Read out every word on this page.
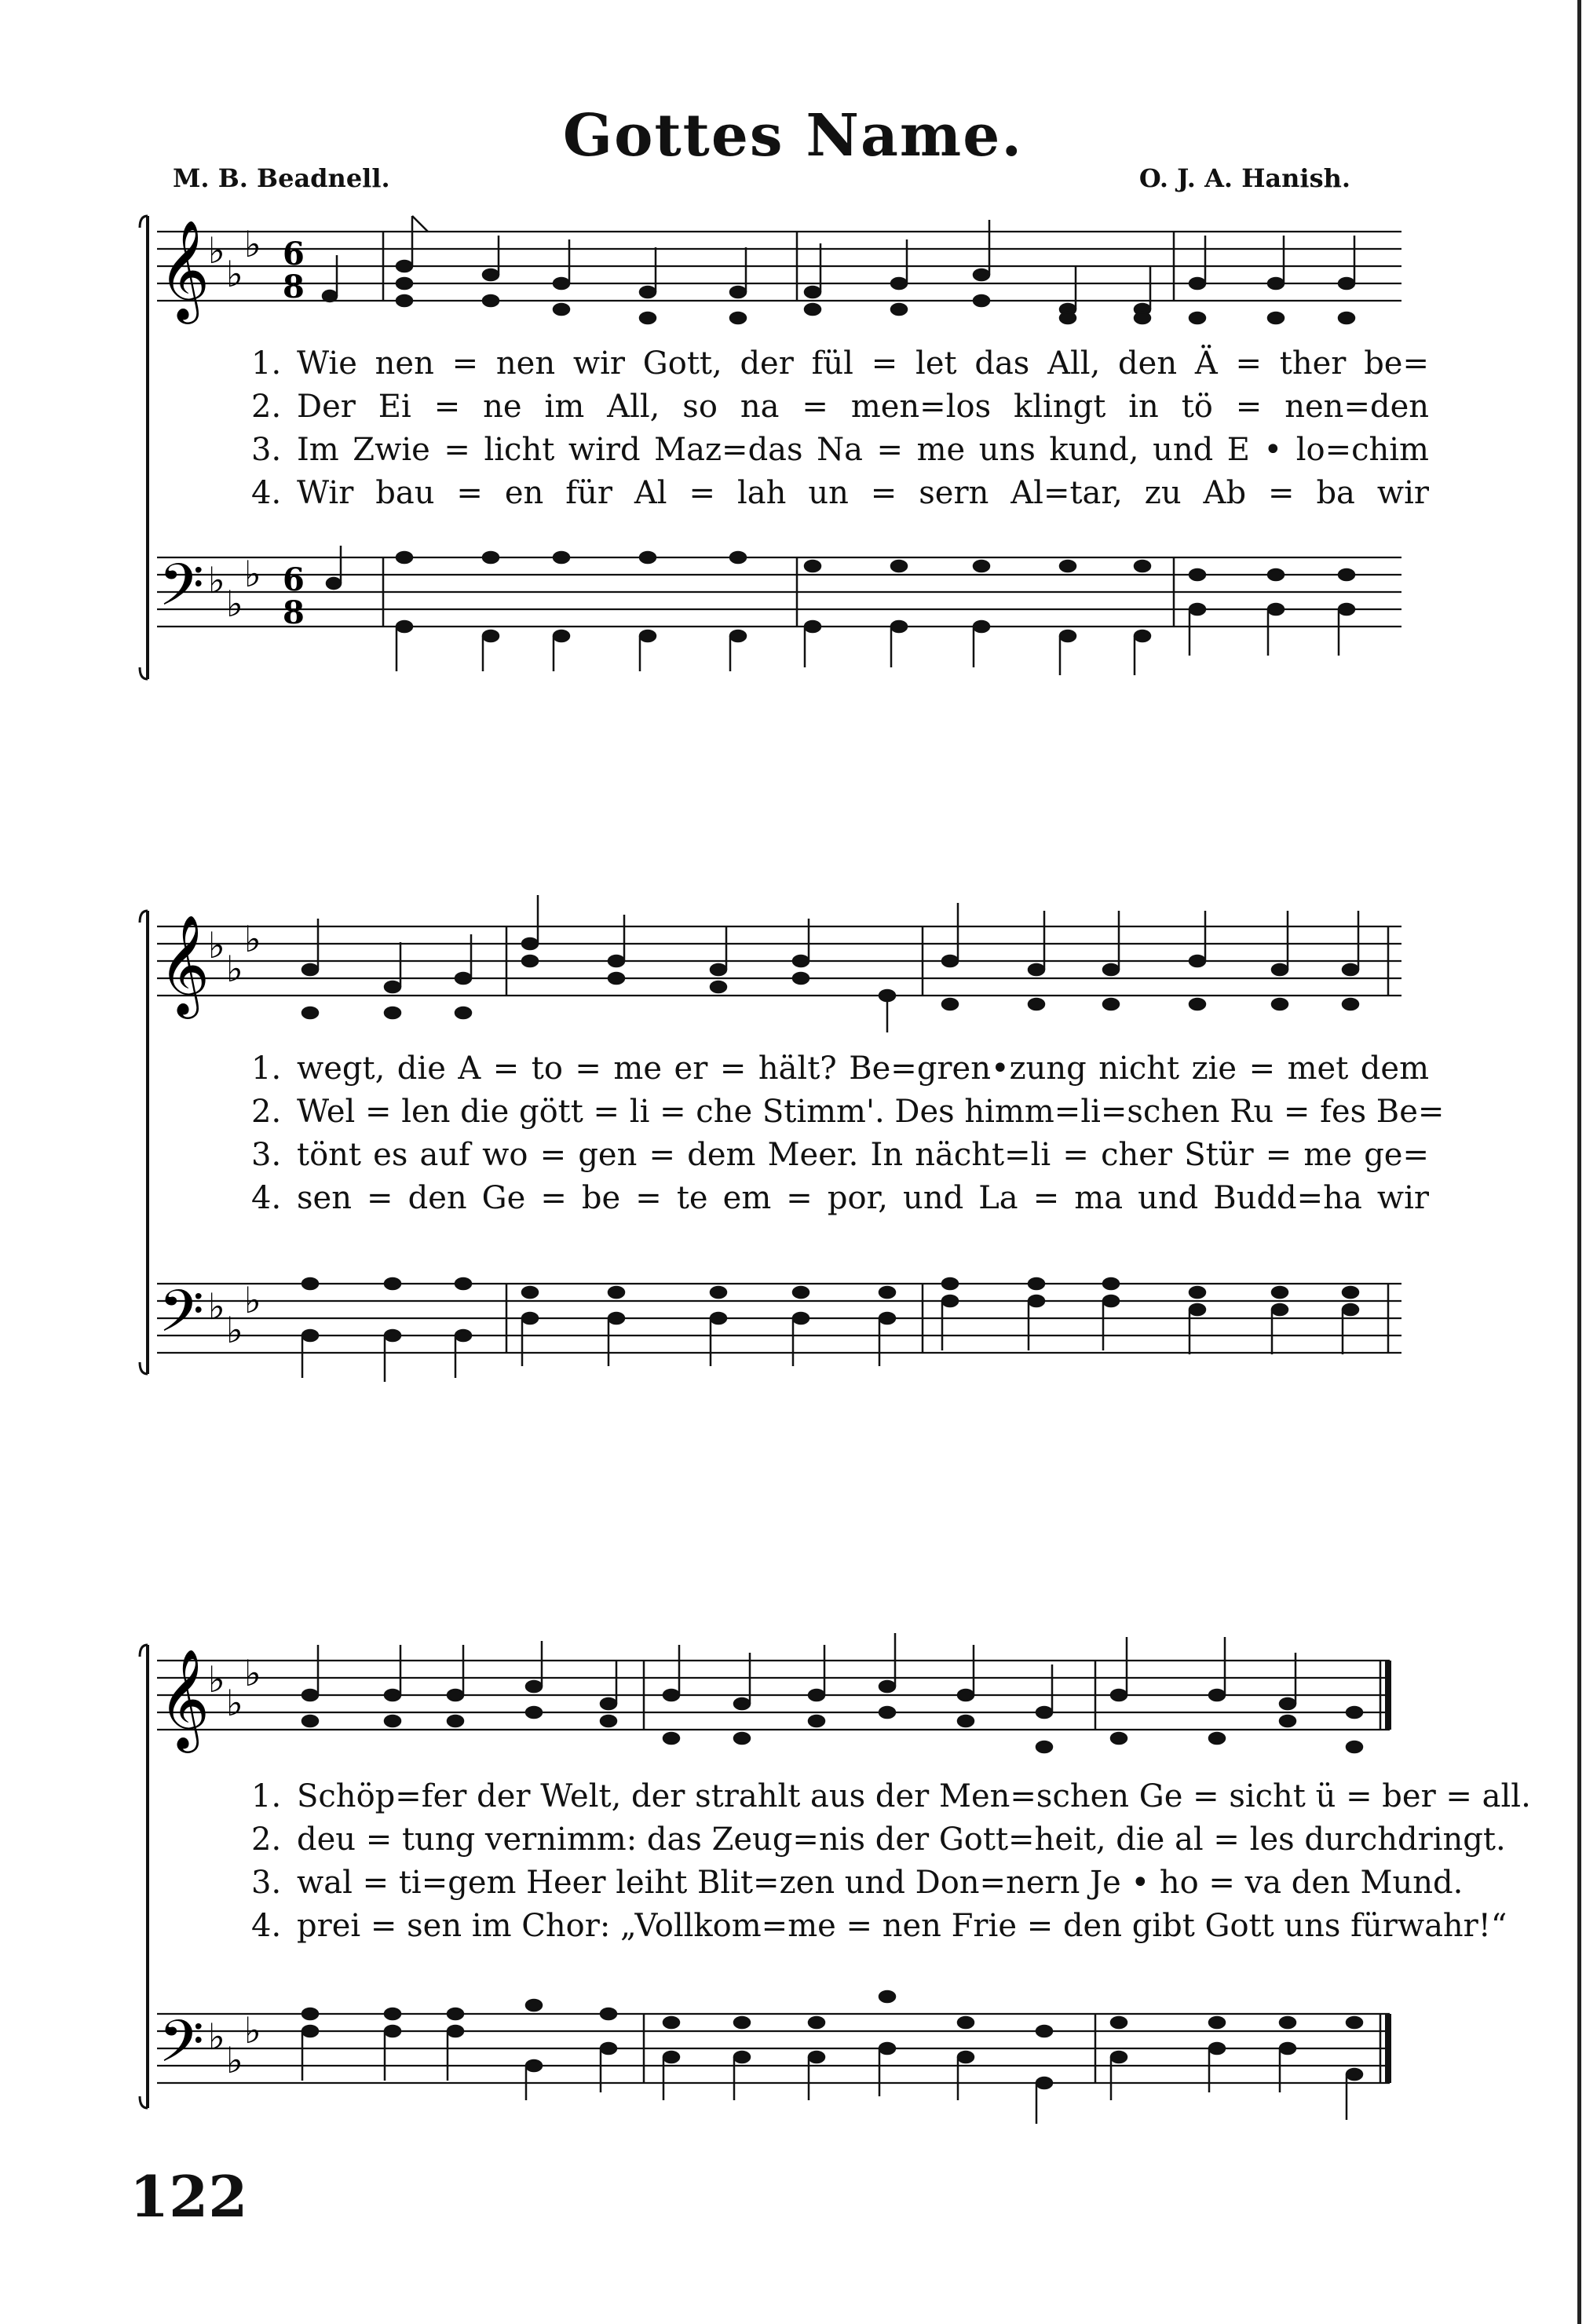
Gottes Name.
M. B. Beadnell.	O. J. A. Hanish.
𝄞
𝄢
♭
♭
♭
♭
♭
♭
6
8
6
8
1. Wie nen = nen wir Gott, der fül = let das All, den Ä = ther be=
2. Der Ei = ne im All, so na = men=los klingt in tö = nen=den
3. Im Zwie = licht wird Maz=das Na = me uns kund, und E • lo=chim
4. Wir bau = en für Al = lah un = sern Al=tar, zu Ab = ba wir
𝄞
𝄢
♭
♭
♭
♭
♭
♭
1. wegt, die A = to = me er = hält? Be=gren•zung nicht zie = met dem
2. Wel = len die gött = li = che Stimm'. Des himm=li=schen Ru = fes Be=
3. tönt es auf wo = gen = dem Meer. In nächt=li = cher Stür = me ge=
4. sen = den Ge = be = te em = por, und La = ma und Budd=ha wir
𝄞
𝄢
♭
♭
♭
♭
♭
♭
1. Schöp=fer der Welt, der strahlt aus der Men=schen Ge = sicht ü = ber = all.
2. deu = tung vernimm: das Zeug=nis der Gott=heit, die al = les durchdringt.
3. wal = ti=gem Heer leiht Blit=zen und Don=nern Je • ho = va den Mund.
4. prei = sen im Chor: „Vollkom=me = nen Frie = den gibt Gott uns fürwahr!“
122
